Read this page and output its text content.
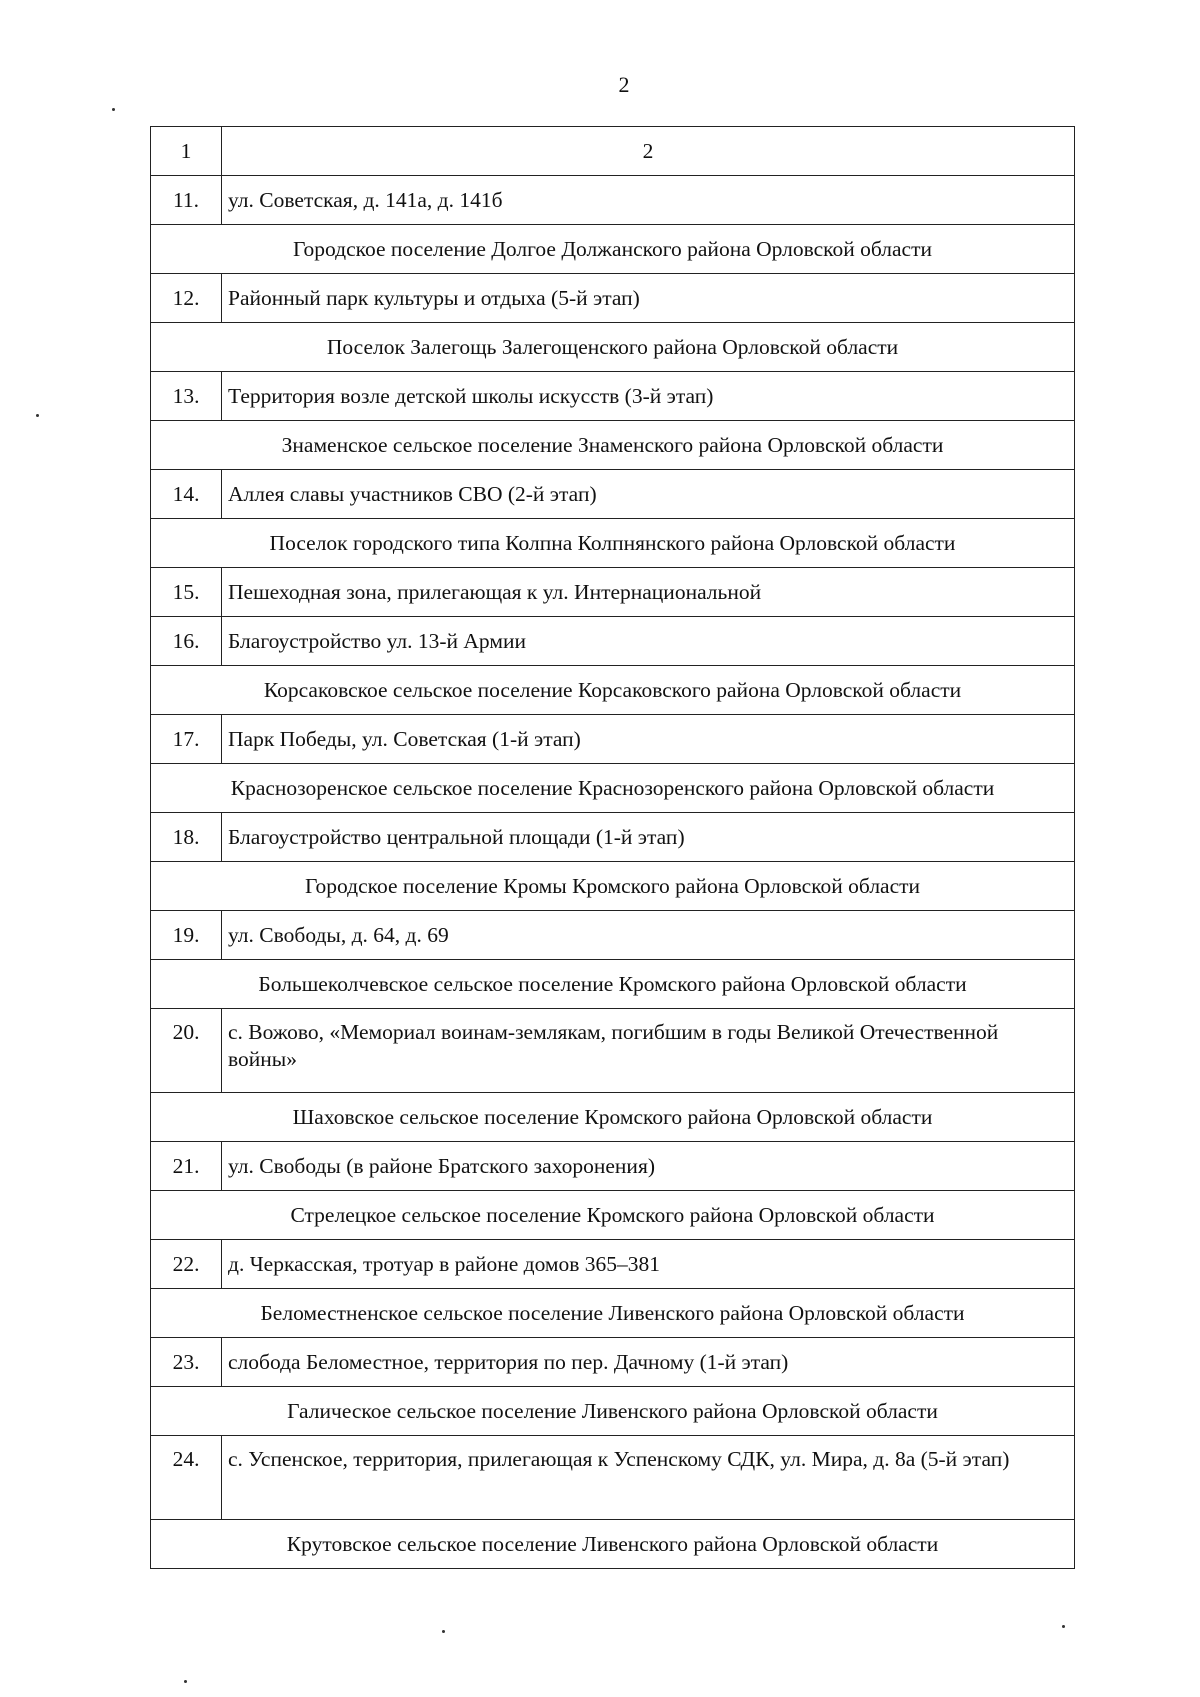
2
1	2
11.	ул. Советская, д. 141а, д. 141б
Городское поселение Долгое Должанского района Орловской области	
12.	Районный парк культуры и отдыха (5-й этап)
Поселок Залегощь Залегощенского района Орловской области	
13.	Территория возле детской школы искусств (3-й этап)
Знаменское сельское поселение Знаменского района Орловской области	
14.	Аллея славы участников СВО (2-й этап)
Поселок городского типа Колпна Колпнянского района Орловской области	
15.	Пешеходная зона, прилегающая к ул. Интернациональной
16.	Благоустройство ул. 13-й Армии
Корсаковское сельское поселение Корсаковского района Орловской области	
17.	Парк Победы, ул. Советская (1-й этап)
Краснозоренское сельское поселение Краснозоренского района Орловской области	
18.	Благоустройство центральной площади (1-й этап)
Городское поселение Кромы Кромского района Орловской области	
19.	ул. Свободы, д. 64, д. 69
Большеколчевское сельское поселение Кромского района Орловской области	
20.	с. Вожово, «Мемориал воинам-землякам, погибшим в годы Великой Отечественной войны»
Шаховское сельское поселение Кромского района Орловской области	
21.	ул. Свободы (в районе Братского захоронения)
Стрелецкое сельское поселение Кромского района Орловской области	
22.	д. Черкасская, тротуар в районе домов 365–381
Беломестненское сельское поселение Ливенского района Орловской области	
23.	слобода Беломестное, территория по пер. Дачному (1-й этап)
Галическое сельское поселение Ливенского района Орловской области	
24.	с. Успенское, территория, прилегающая к Успенскому СДК, ул. Мира, д. 8а (5-й этап)
Крутовское сельское поселение Ливенского района Орловской области	
